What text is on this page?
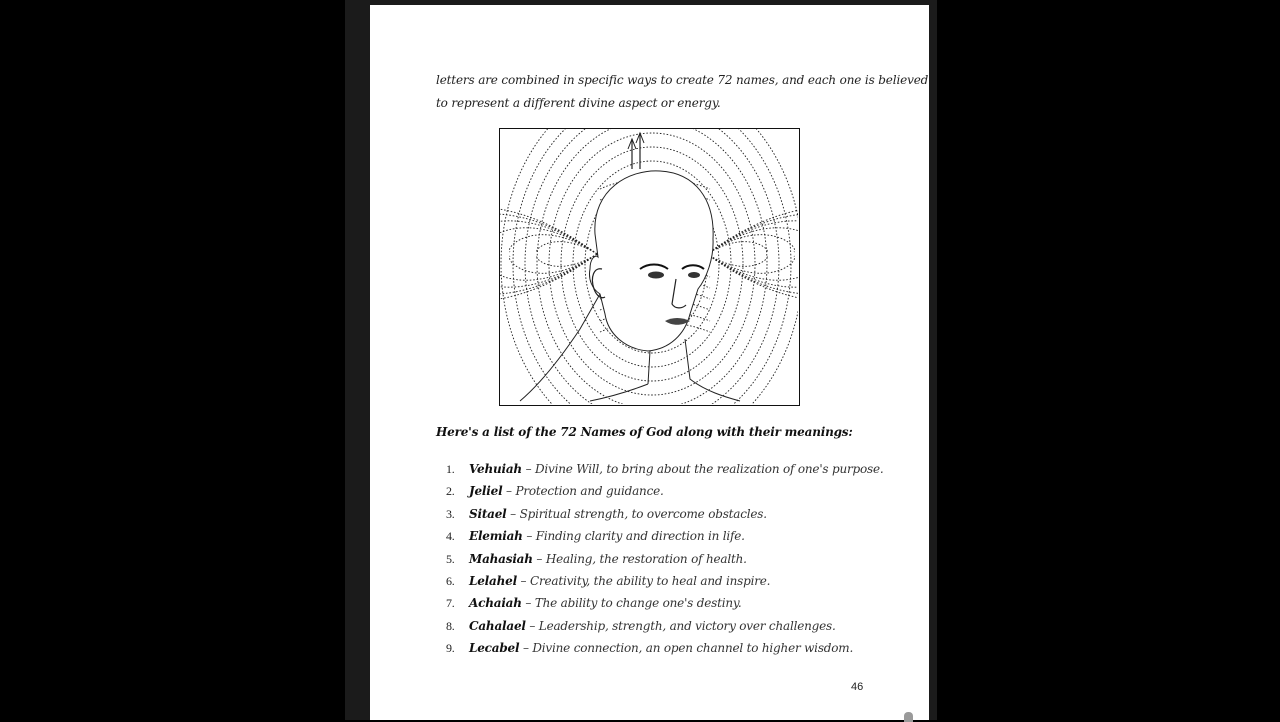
letters are combined in specific ways to create 72 names, and each one is believed

to represent a different divine aspect or energy.

Here's a list of the 72 Names of God along with their meanings:
1. Vehuiah – Divine Will, to bring about the realization of one's purpose.
2. Jeliel – Protection and guidance.
3. Sitael – Spiritual strength, to overcome obstacles.
4. Elemiah – Finding clarity and direction in life.
5. Mahasiah – Healing, the restoration of health.
6. Lelahel – Creativity, the ability to heal and inspire.
7. Achaiah – The ability to change one's destiny.
8. Cahalael – Leadership, strength, and victory over challenges.
9. Lecabel – Divine connection, an open channel to higher wisdom.
46
